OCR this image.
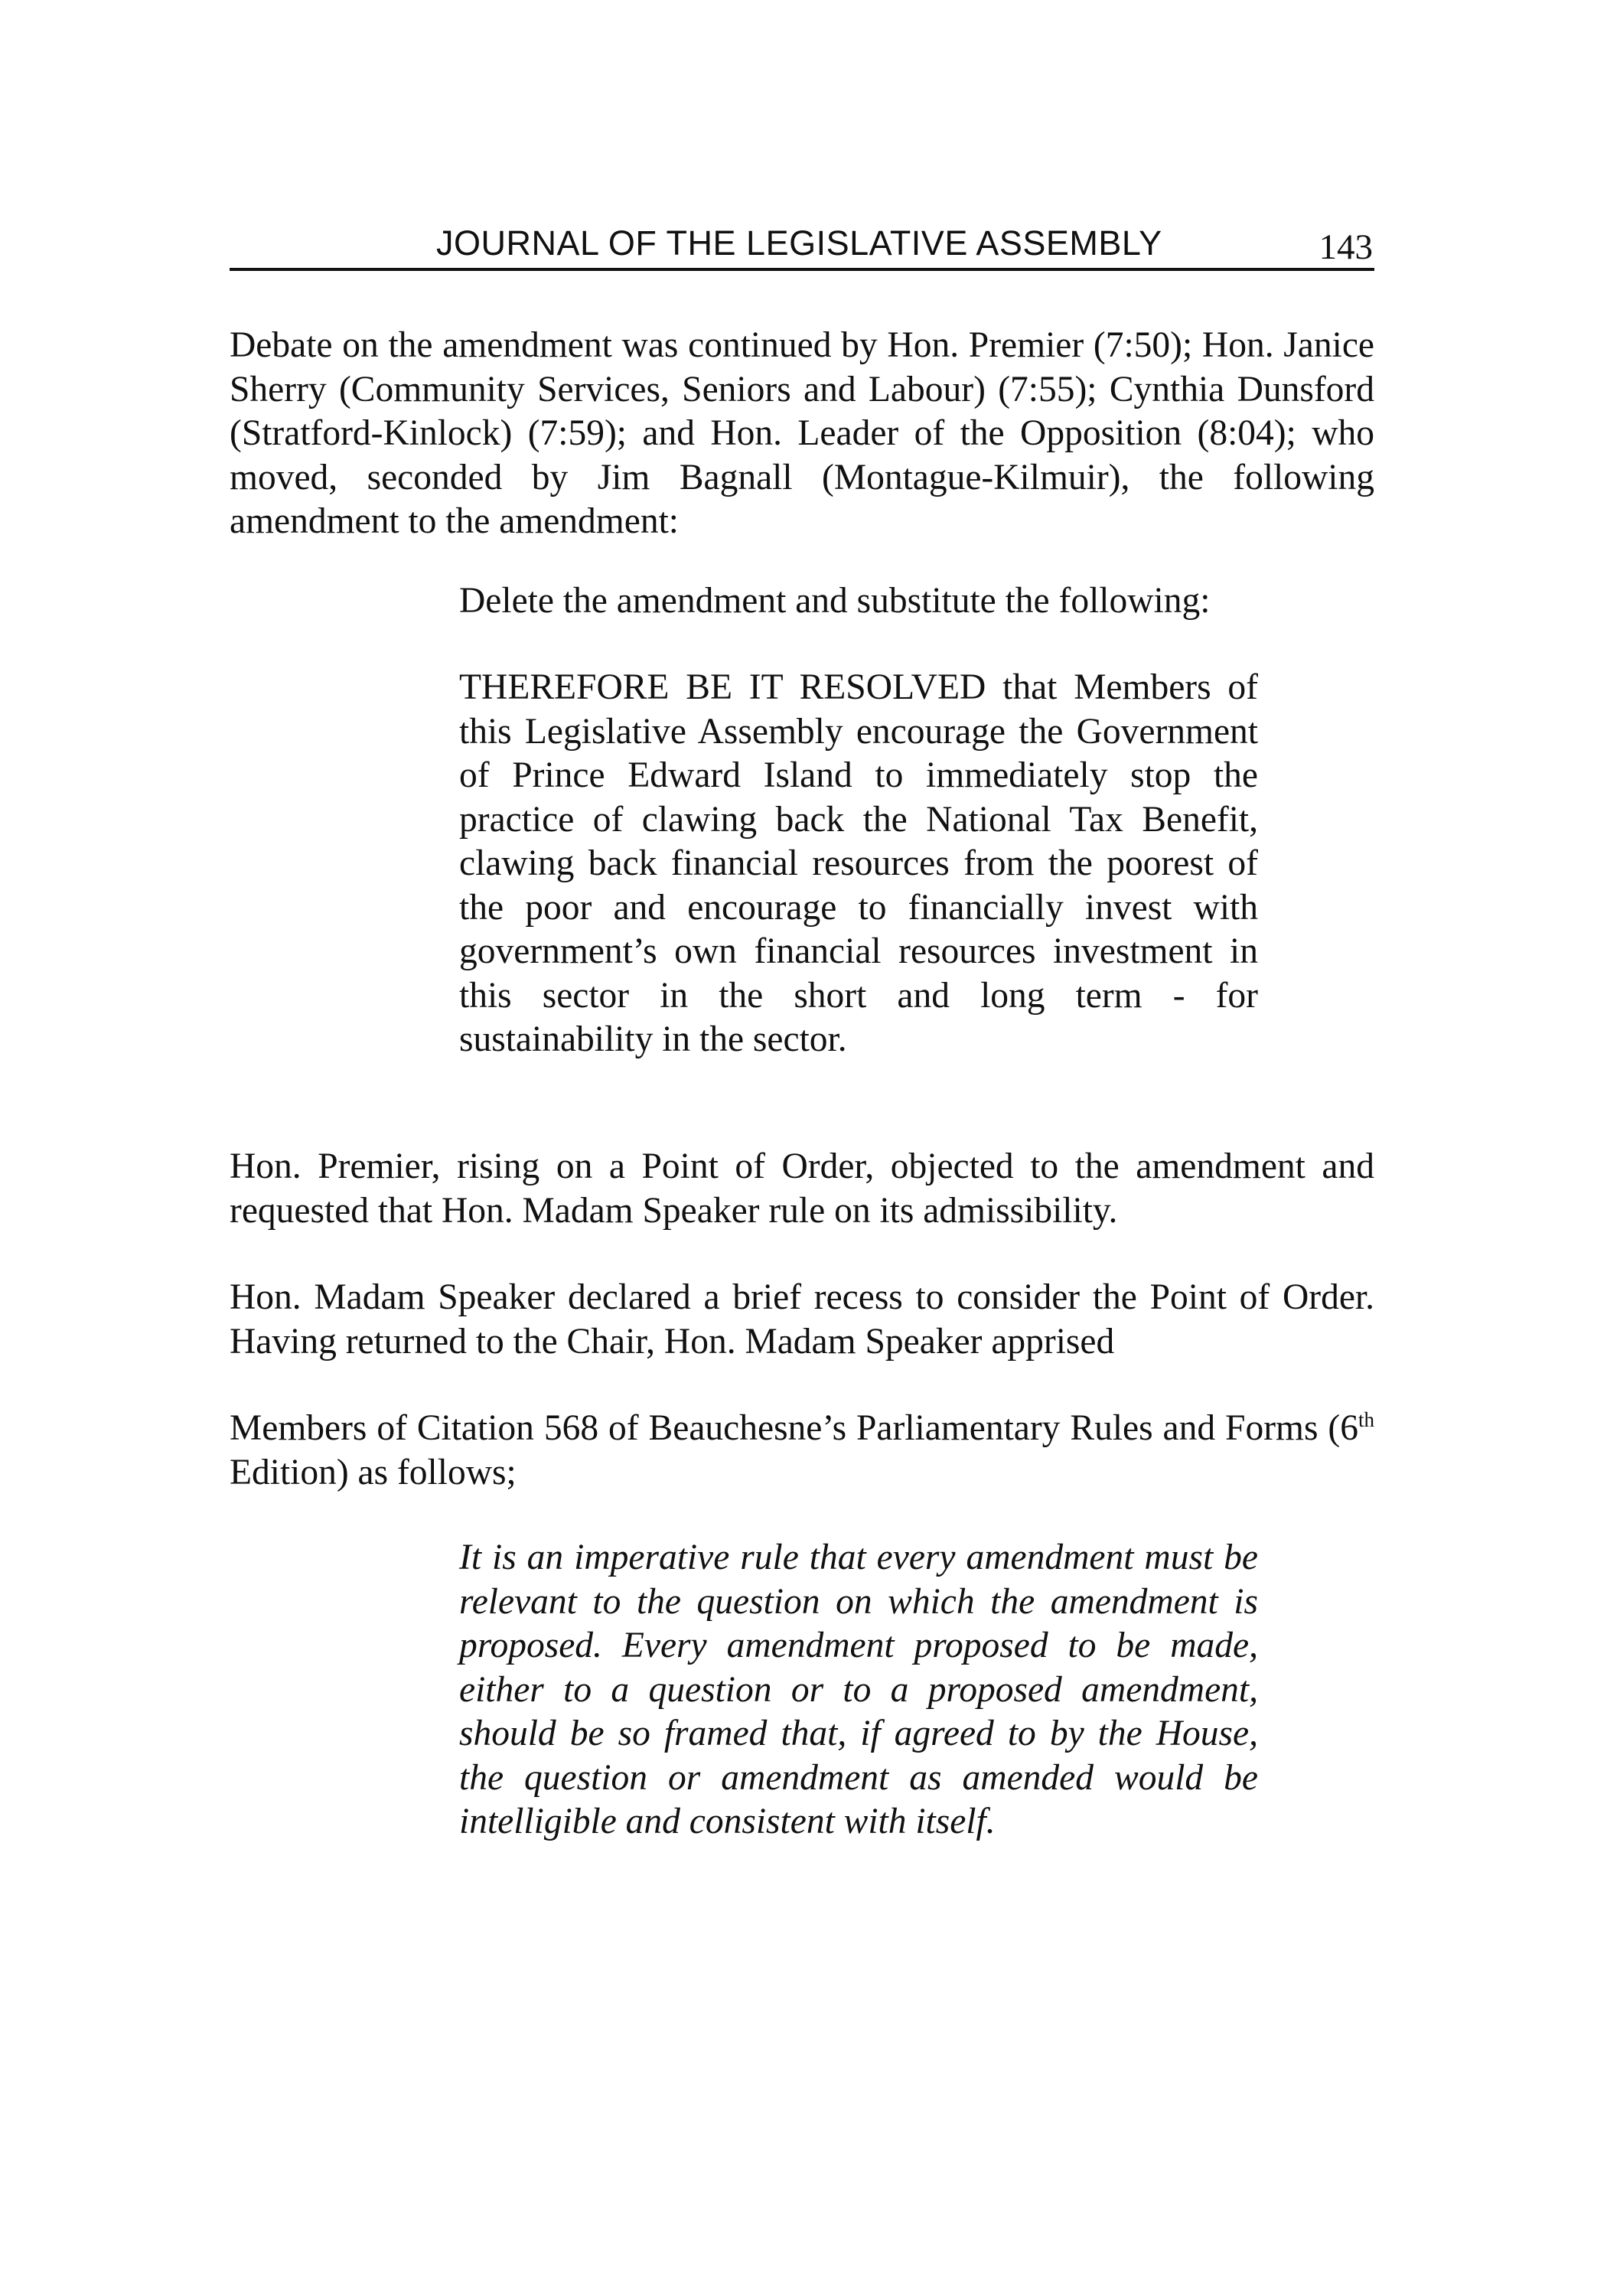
JOURNAL OF THE LEGISLATIVE ASSEMBLY	143

Debate on the amendment was continued by Hon. Premier (7:50); Hon. Janice Sherry (Community Services, Seniors and Labour) (7:55); Cynthia Dunsford (Stratford-Kinlock) (7:59); and Hon. Leader of the Opposition (8:04); who moved, seconded by Jim Bagnall (Montague-Kilmuir), the following amendment to the amendment:

Delete the amendment and substitute the following:

THEREFORE BE IT RESOLVED that Members of this Legislative Assembly encourage the Government of Prince Edward Island to immediately stop the practice of clawing back the National Tax Benefit, clawing back financial resources from the poorest of the poor and encourage to financially invest with government’s own financial resources investment in this sector in the short and long term - for sustainability in the sector.

Hon. Premier, rising on a Point of Order, objected to the amendment and requested that Hon. Madam Speaker rule on its admissibility.

Hon. Madam Speaker declared a brief recess to consider the Point of Order. Having returned to the Chair, Hon. Madam Speaker apprised

Members of Citation 568 of Beauchesne’s Parliamentary Rules and Forms (6th Edition) as follows;

It is an imperative rule that every amendment must be relevant to the question on which the amendment is proposed. Every amendment proposed to be made, either to a question or to a proposed amendment, should be so framed that, if agreed to by the House, the question or amendment as amended would be intelligible and consistent with itself.
